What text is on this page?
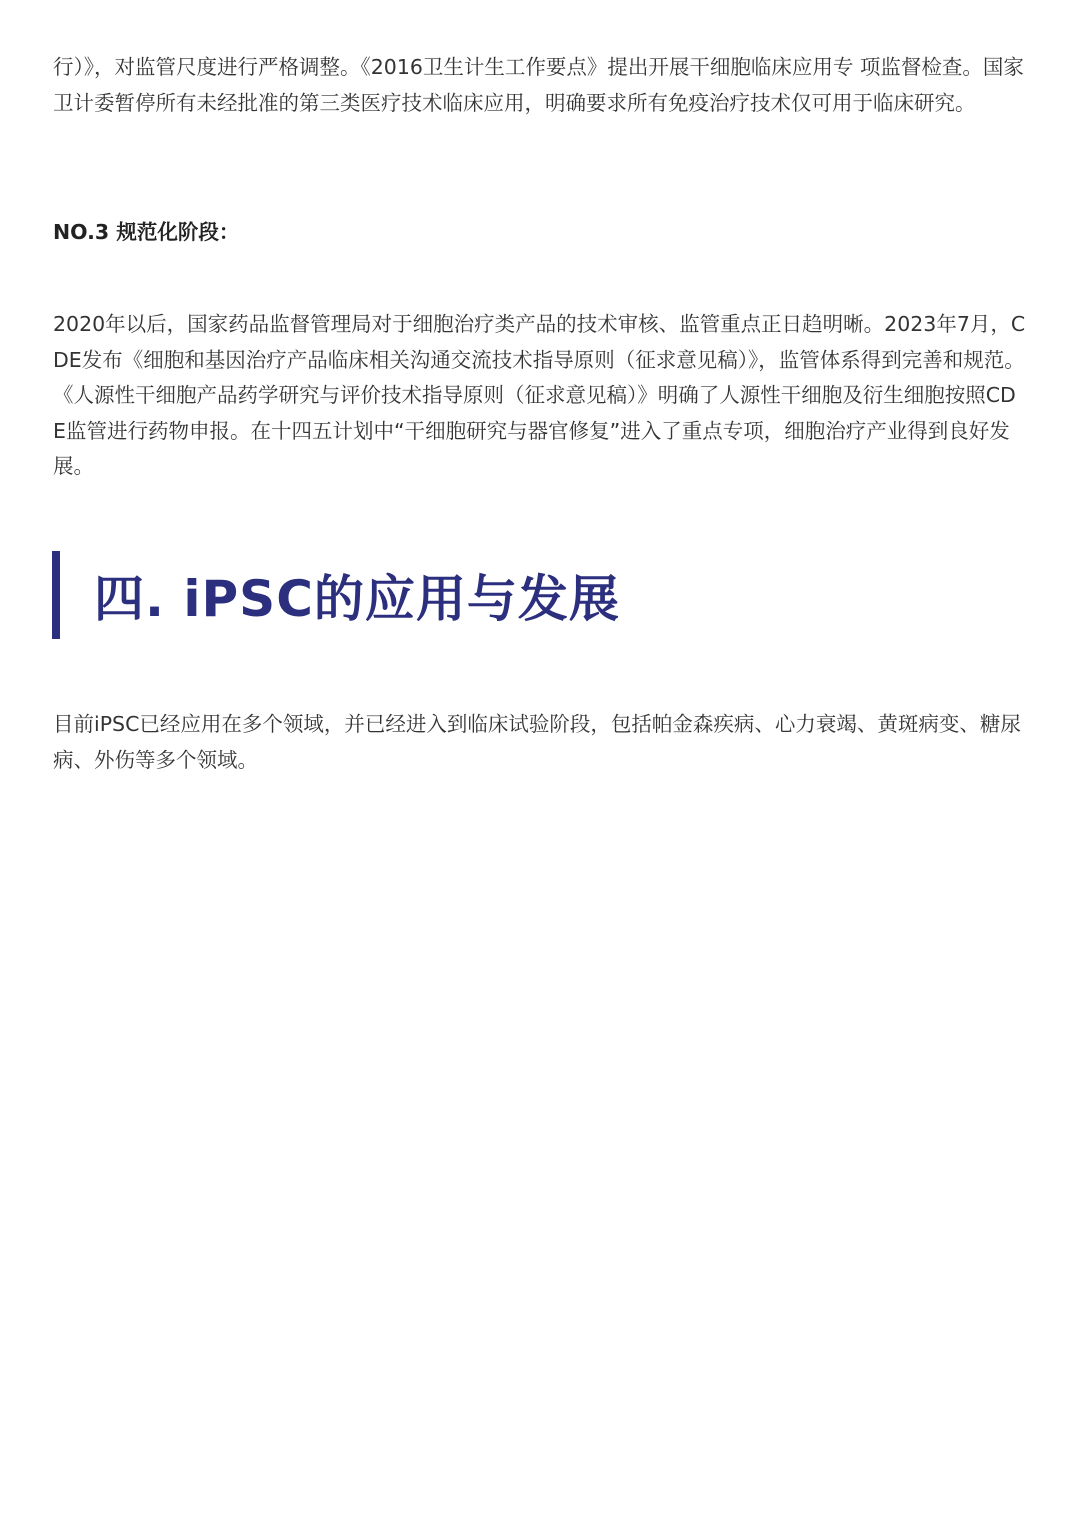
行）》，对监管尺度进行严格调整。《2016卫生计生工作要点》提出开展干细胞临床应用专 项监督检查。国家卫计委暂停所有未经批准的第三类医疗技术临床应用，明确要求所有免疫治疗技术仅可用于临床研究。

NO.3 规范化阶段：

2020年以后，国家药品监督管理局对于细胞治疗类产品的技术审核、监管重点正日趋明晰。2023年7月，CDE发布《细胞和基因治疗产品临床相关沟通交流技术指导原则（征求意见稿）》，监管体系得到完善和规范。《人源性干细胞产品药学研究与评价技术指导原则（征求意见稿）》明确了人源性干细胞及衍生细胞按照CDE监管进行药物申报。在十四五计划中“干细胞研究与器官修复”进入了重点专项，细胞治疗产业得到良好发展。

四. iPSC的应用与发展

目前iPSC已经应用在多个领域，并已经进入到临床试验阶段，包括帕金森疾病、心力衰竭、黄斑病变、糖尿病、外伤等多个领域。
